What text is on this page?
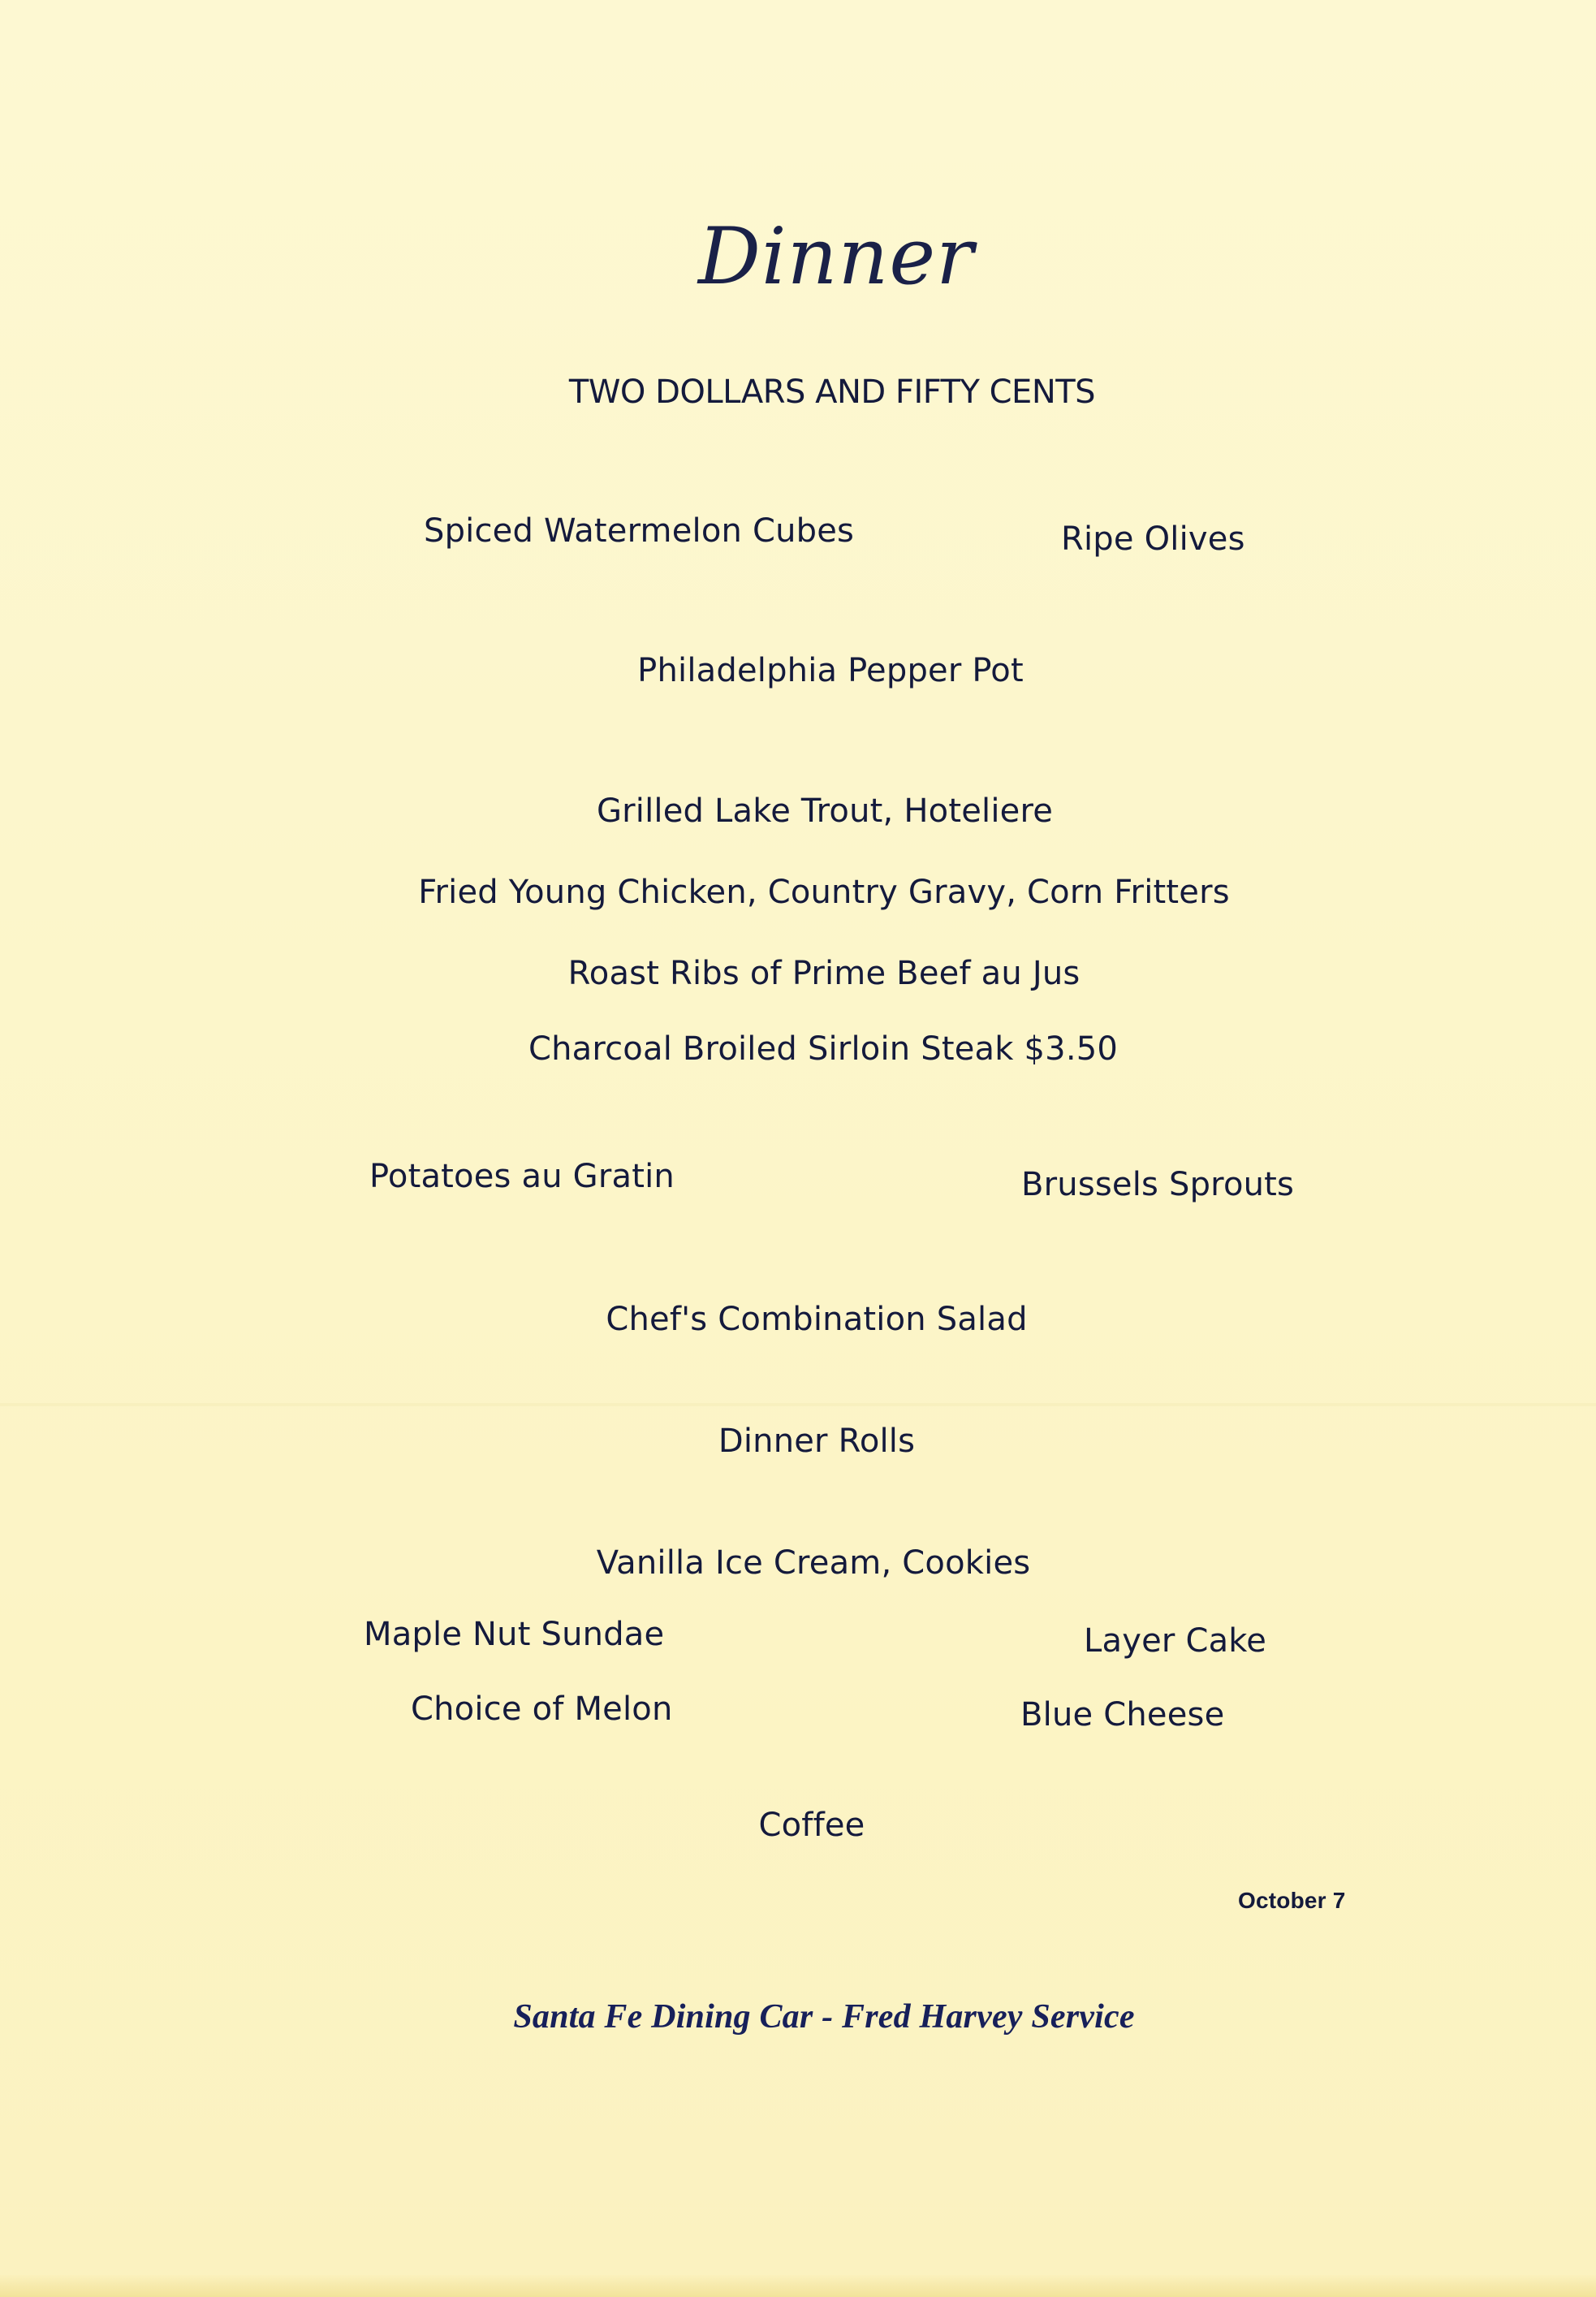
Dinner
TWO DOLLARS AND FIFTY CENTS
Spiced Watermelon Cubes	Ripe Olives
Philadelphia Pepper Pot
Grilled Lake Trout, Hoteliere
Fried Young Chicken, Country Gravy, Corn Fritters
Roast Ribs of Prime Beef au Jus
Charcoal Broiled Sirloin Steak $3.50
Potatoes au Gratin	Brussels Sprouts
Chef's Combination Salad
Dinner Rolls
Vanilla Ice Cream, Cookies
Maple Nut Sundae	Layer Cake
Choice of Melon	Blue Cheese
Coffee
October 7
Santa Fe Dining Car - Fred Harvey Service
